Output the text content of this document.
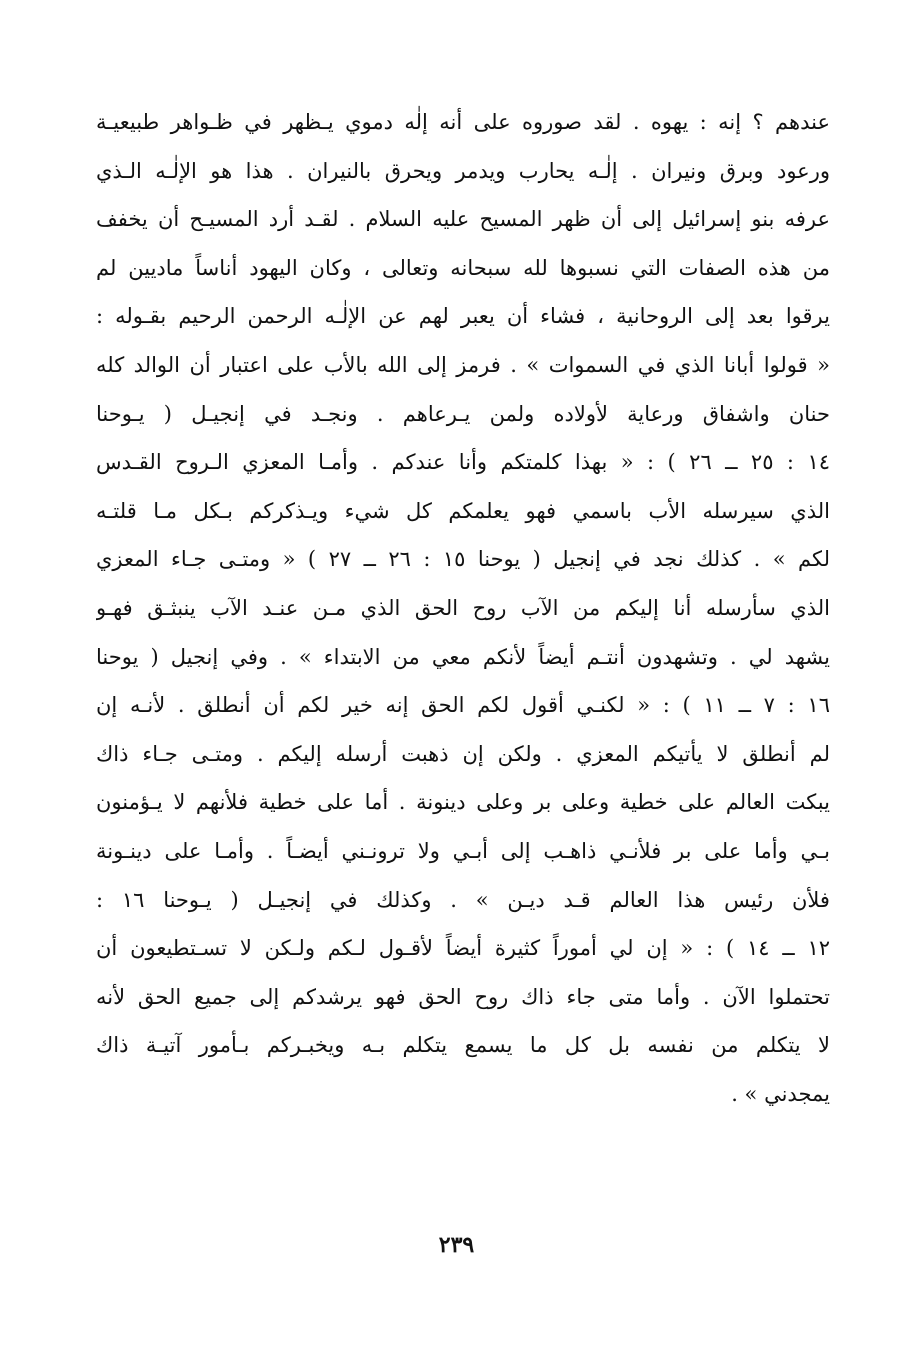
عندهم ؟ إنه : يهوه . لقد صوروه على أنه إلٰه دموي يـظهر في ظـواهر طبيعيـة
ورعود وبرق ونيران . إلٰـه يحارب ويدمر ويحرق بالنيران . هذا هو الإلٰـه الـذي
عرفه بنو إسرائيل إلى أن ظهر المسيح عليه السلام . لقـد أرد المسيـح أن يخفف
من هذه الصفات التي نسبوها لله سبحانه وتعالى ، وكان اليهود أناساً ماديين لم
يرقوا بعد إلى الروحانية ، فشاء أن يعبر لهم عن الإلٰـه الرحمن الرحيم بقـوله :
« قولوا أبانا الذي في السموات » . فرمز إلى الله بالأب على اعتبار أن الوالد كله
حنان واشفاق ورعاية لأولاده ولمن يـرعاهم . ونجـد في إنجيـل ( يـوحنا
١٤ : ٢٥ ــ ٢٦ ) : « بهذا كلمتكم وأنا عندكم . وأمـا المعزي الـروح القـدس
الذي سيرسله الأب باسمي فهو يعلمكم كل شيء ويـذكركم بـكل مـا قلتـه
لكم » . كذلك نجد في إنجيل ( يوحنا ١٥ : ٢٦ ــ ٢٧ ) « ومتـى جـاء المعزي
الذي سأرسله أنا إليكم من الآب روح الحق الذي مـن عنـد الآب ينبثـق فهـو
يشهد لي . وتشهدون أنتـم أيضاً لأنكم معي من الابتداء » . وفي إنجيل ( يوحنا
١٦ : ٧ ــ ١١ ) : « لكنـي أقول لكم الحق إنه خير لكم أن أنطلق . لأنـه إن
لم أنطلق لا يأتيكم المعزي . ولكن إن ذهبت أرسله إليكم . ومتـى جـاء ذاك
يبكت العالم على خطية وعلى بر وعلى دينونة . أما على خطية فلأنهم لا يـؤمنون
بـي وأما على بر فلأنـي ذاهـب إلى أبـي ولا ترونـني أيضـاً . وأمـا على دينـونة
فلأن رئيس هذا العالم قـد ديـن » . وكذلك في إنجيـل ( يـوحنا ١٦ :
١٢ ــ ١٤ ) : « إن لي أموراً كثيرة أيضاً لأقـول لـكم ولـكن لا تسـتطيعون أن
تحتملوا الآن . وأما متى جاء ذاك روح الحق فهو يرشدكم إلى جميع الحق لأنه
لا يتكلم من نفسه بل كل ما يسمع يتكلم بـه ويخبـركم بـأمور آتيـة ذاك
يمجدني » .
٢٣٩
